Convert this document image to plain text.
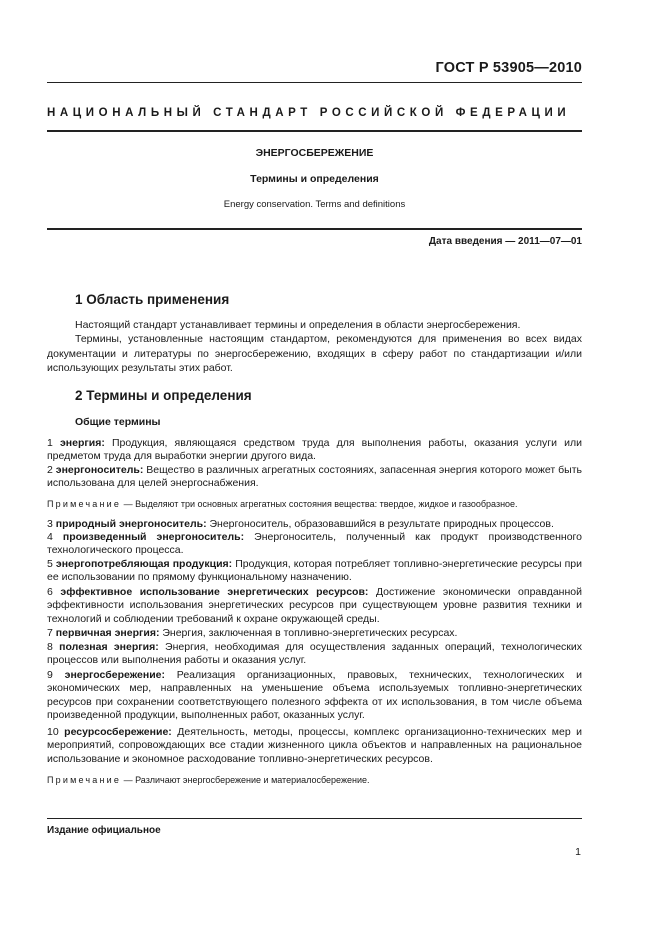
ГОСТ Р 53905—2010
НАЦИОНАЛЬНЫЙ СТАНДАРТ РОССИЙСКОЙ ФЕДЕРАЦИИ
ЭНЕРГОСБЕРЕЖЕНИЕ
Термины и определения
Energy conservation. Terms and definitions
Дата введения — 2011—07—01
1 Область применения
Настоящий стандарт устанавливает термины и определения в области энергосбережения.
Термины, установленные настоящим стандартом, рекомендуются для применения во всех видах документации и литературы по энергосбережению, входящих в сферу работ по стандартизации и/или использующих результаты этих работ.
2 Термины и определения
Общие термины
1 энергия: Продукция, являющаяся средством труда для выполнения работы, оказания услуги или предметом труда для выработки энергии другого вида.
2 энергоноситель: Вещество в различных агрегатных состояниях, запасенная энергия которого может быть использована для целей энергоснабжения.
Примечание — Выделяют три основных агрегатных состояния вещества: твердое, жидкое и газообразное.
3 природный энергоноситель: Энергоноситель, образовавшийся в результате природных процессов.
4 произведенный энергоноситель: Энергоноситель, полученный как продукт производственного технологического процесса.
5 энергопотребляющая продукция: Продукция, которая потребляет топливно-энергетические ресурсы при ее использовании по прямому функциональному назначению.
6 эффективное использование энергетических ресурсов: Достижение экономически оправданной эффективности использования энергетических ресурсов при существующем уровне развития техники и технологий и соблюдении требований к охране окружающей среды.
7 первичная энергия: Энергия, заключенная в топливно-энергетических ресурсах.
8 полезная энергия: Энергия, необходимая для осуществления заданных операций, технологических процессов или выполнения работы и оказания услуг.
9 энергосбережение: Реализация организационных, правовых, технических, технологических и экономических мер, направленных на уменьшение объема используемых топливно-энергетических ресурсов при сохранении соответствующего полезного эффекта от их использования, в том числе объема произведенной продукции, выполненных работ, оказанных услуг.
10 ресурсосбережение: Деятельность, методы, процессы, комплекс организационно-технических мер и мероприятий, сопровождающих все стадии жизненного цикла объектов и направленных на рациональное использование и экономное расходование топливно-энергетических ресурсов.
Примечание — Различают энергосбережение и материалосбережение.
Издание официальное
1
